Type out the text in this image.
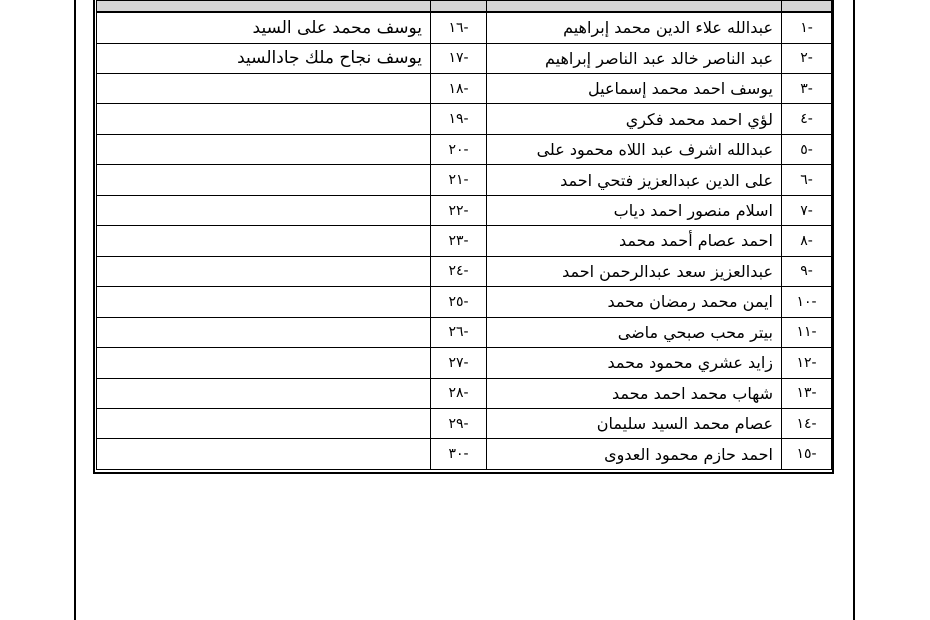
-١	عبدالله علاء الدين محمد إبراهيم	-١٦	يوسف محمد على السيد
-٢	عبد الناصر خالد عبد الناصر إبراهيم	-١٧	يوسف نجاح ملك جادالسيد
-٣	يوسف احمد محمد إسماعيل	-١٨	
-٤	لؤي احمد محمد فكري	-١٩	
-٥	عبدالله اشرف عبد اللاه محمود على	-٢٠	
-٦	على الدين عبدالعزيز فتحي احمد	-٢١	
-٧	اسلام منصور احمد دياب	-٢٢	
-٨	احمد عصام أحمد محمد	-٢٣	
-٩	عبدالعزيز سعد عبدالرحمن احمد	-٢٤	
-١٠	ايمن محمد رمضان محمد	-٢٥	
-١١	بيتر محب صبحي ماضى	-٢٦	
-١٢	زايد عشري محمود محمد	-٢٧	
-١٣	شهاب محمد احمد محمد	-٢٨	
-١٤	عصام محمد السيد سليمان	-٢٩	
-١٥	احمد حازم محمود العدوى	-٣٠	
